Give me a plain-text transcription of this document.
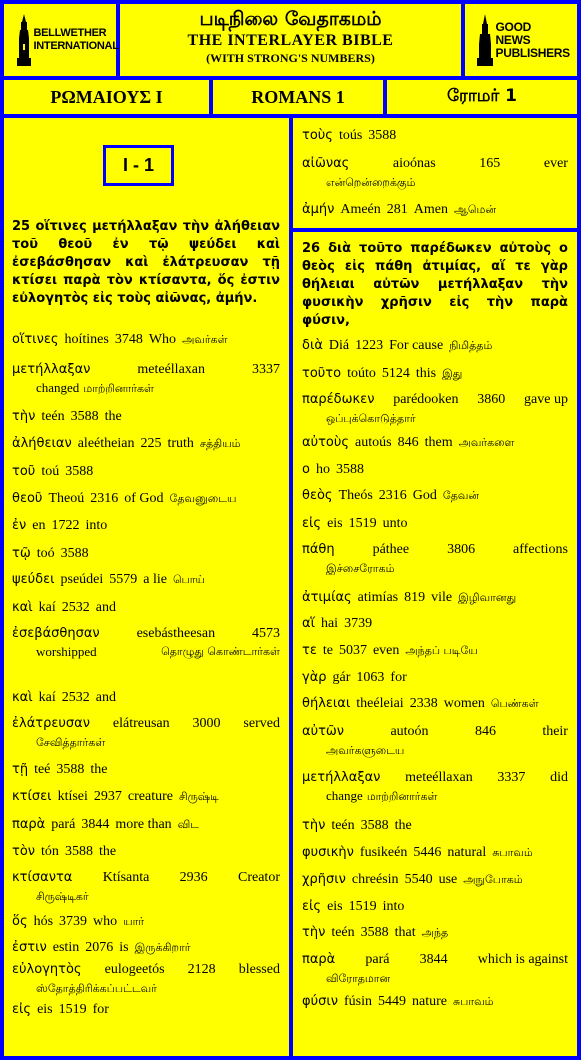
BELLWETHER INTERNATIONAL
படிநிலை வேதாகமம்
THE INTERLAYER BIBLE
(WITH STRONG'S NUMBERS)
GOOD NEWS PUBLISHERS
ΡΩΜΑΙΟΥΣ Ι	ROMANS 1	ரோமர் 1
I - 1
25 οἵτινες μετήλλαξαν τὴν ἀλήθειαν τοῦ θεοῦ ἐν τῷ ψεύδει καὶ ἐσεβάσθησαν καὶ ἐλάτρευσαν τῇ κτίσει παρὰ τὸν κτίσαντα, ὅς ἐστιν εὐλογητὸς εἰς τοὺς αἰῶνας, ἀμήν.
οἵτινες hoítines 3748 Who அவர்கள்
μετήλλαξαν	meteéllaxan	3337
changed மாற்றினார்கள்
τὴν teén 3588 the
ἀλήθειαν aleétheian 225 truth சத்தியம்
τοῦ toú 3588
θεοῦ Theoú 2316 of God தேவனுடைய
ἐν en 1722 into
τῷ toó 3588
ψεύδει pseúdei 5579 a lie பொய்
καὶ kaí 2532 and
ἐσεβάσθησαν	esebástheesan	4573
worshipped	தொழுது கொண்டார்கள்
καὶ kaí 2532 and
ἐλάτρευσαν elátreusan 3000 served
சேவித்தார்கள்
τῇ teé 3588 the
κτίσει ktísei 2937 creature சிருஷ்டி
παρὰ pará 3844 more than விட
τὸν tón 3588 the
κτίσαντα Ktísanta 2936 Creator
சிருஷ்டிகர்
ὅς hós 3739 who யார்
ἐστιν estin 2076 is இருக்கிறார்
εὐλογητὸς eulogeetós 2128 blessed
ஸ்தோத்திரிக்கப்பட்டவர்
εἰς eis 1519 for
τοὺς toús 3588
αἰῶνας	aioónas	165	ever
என்றென்றைக்கும்
ἀμήν Ameén 281 Amen ஆமென்
26 διὰ τοῦτο παρέδωκεν αὐτοὺς ο θεὸς εἰς πάθη ἀτιμίας, αἵ τε γὰρ θήλειαι αὐτῶν μετήλλαξαν τὴν φυσικὴν χρῆσιν εἰς τὴν παρὰ φύσιν,
διὰ Diá 1223 For cause நிமித்தம்
τοῦτο toúto 5124 this இது
παρέδωκεν parédooken 3860 gave up
ஒப்புக்கொடுத்தார்
αὐτοὺς autoús 846 them அவர்களை
ο ho 3588
θεὸς Theós 2316 God தேவன்
εἰς eis 1519 unto
πάθη	páthee	3806	affections
இச்சைரோகம்
ἀτιμίας atimías 819 vile இழிவானது
αἵ hai 3739
τε te 5037 even அந்தப் படியே
γὰρ gár 1063 for
θήλειαι theéleiai 2338 women பெண்கள்
αὐτῶν	autoón	846	their
அவர்களுடைய
μετήλλαξαν meteéllaxan 3337 did
change மாற்றினார்கள்
τὴν teén 3588 the
φυσικὴν fusikeén 5446 natural சுபாவம்
χρῆσιν chreésin 5540 use அநுபோகம்
εἰς eis 1519 into
τὴν teén 3588 that அந்த
παρὰ pará 3844 which is against
விரோதமான
φύσιν fúsin 5449 nature சுபாவம்
